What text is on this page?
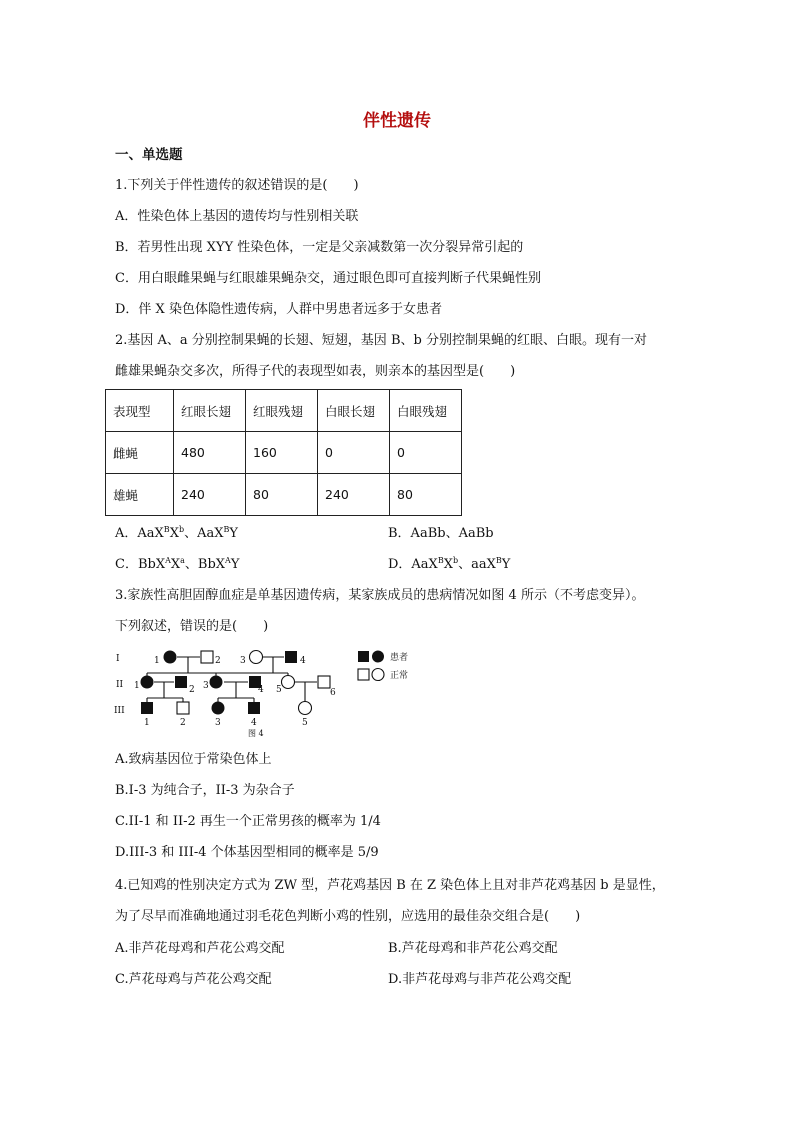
伴性遗传
一、单选题
1.下列关于伴性遗传的叙述错误的是(　　)
A．性染色体上基因的遗传均与性别相关联
B．若男性出现 XYY 性染色体，一定是父亲减数第一次分裂异常引起的
C．用白眼雌果蝇与红眼雄果蝇杂交，通过眼色即可直接判断子代果蝇性别
D．伴 X 染色体隐性遗传病，人群中男患者远多于女患者
2.基因 A、a 分别控制果蝇的长翅、短翅，基因 B、b 分别控制果蝇的红眼、白眼。现有一对
雌雄果蝇杂交多次，所得子代的表现型如表，则亲本的基因型是(　　)
表现型	红眼长翅	红眼残翅	白眼长翅	白眼残翅
雌蝇	480	160	0	0
雄蝇	240	80	240	80
A．$AaX^BX^b$、AaX$^B$Y	B．AaBb、AaBb
C．$BbX^AX^a$、BbX$^A$Y	D．$AaX^BX^b$、aaX$^B$Y
3.家族性高胆固醇血症是单基因遗传病，某家族成员的患病情况如图 4 所示（不考虑变异）。
下列叙述，错误的是(　　)
I
II
III
1	2 3	4
1	2 3	4 5	6
1	2	3	4	5
图 4
患者
正常
A.致病基因位于常染色体上
B.I-3 为纯合子，II-3 为杂合子
C.II-1 和 II-2 再生一个正常男孩的概率为 1/4
D.III-3 和 III-4 个体基因型相同的概率是 5/9
4.已知鸡的性别决定方式为 ZW 型，芦花鸡基因 B 在 Z 染色体上且对非芦花鸡基因 b 是显性，
为了尽早而准确地通过羽毛花色判断小鸡的性别，应选用的最佳杂交组合是(　　)
A.非芦花母鸡和芦花公鸡交配	B.芦花母鸡和非芦花公鸡交配
C.芦花母鸡与芦花公鸡交配	D.非芦花母鸡与非芦花公鸡交配
